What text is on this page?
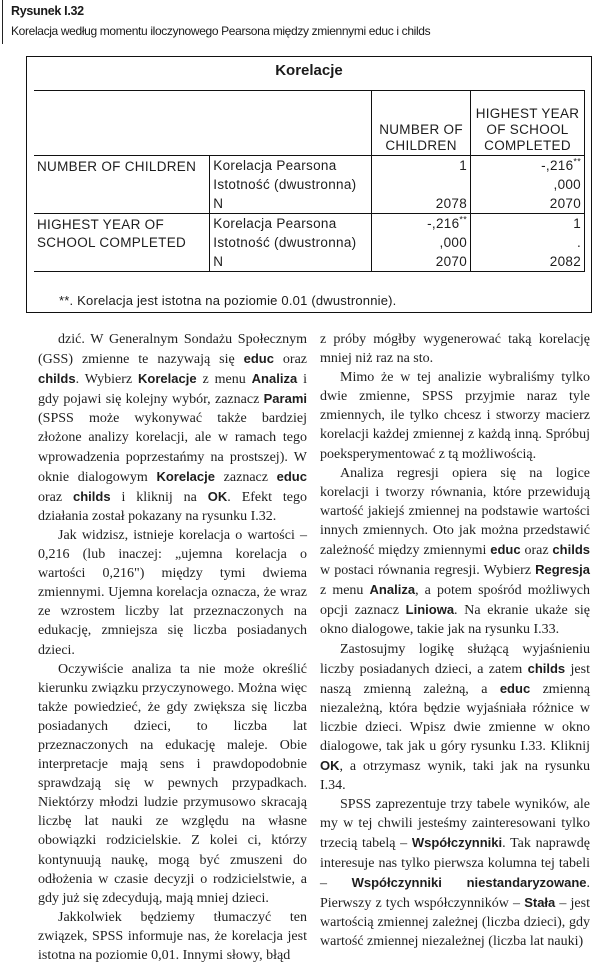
Rysunek I.32
Korelacja według momentu iloczynowego Pearsona między zmiennymi educ i childs
Korelacje
		NUMBER OF CHILDREN	HIGHEST YEAR OF SCHOOL COMPLETED
NUMBER OF CHILDREN	Korelacja Pearsona	1	-,216**
	Istotność (dwustronna)		,000
	N	2078	2070
HIGHEST YEAR OF SCHOOL COMPLETED	Korelacja Pearsona	-,216**	1
	Istotność (dwustronna)	,000	.
	N	2070	2082
**. Korelacja jest istotna na poziomie 0.01 (dwustronnie).

dzić. W Generalnym Sondażu Społecznym (GSS) zmienne te nazywają się educ oraz childs. Wybierz Korelacje z menu Analiza i gdy pojawi się kolejny wybór, zaznacz Parami (SPSS może wykonywać także bardziej złożone analizy korelacji, ale w ramach tego wprowadzenia poprzestańmy na prostszej). W oknie dialogowym Korelacje zaznacz educ oraz childs i kliknij na OK. Efekt tego działania został pokazany na rysunku I.32.

Jak widzisz, istnieje korelacja o wartości –0,216 (lub inaczej: „ujemna korelacja o wartości 0,216") między tymi dwiema zmiennymi. Ujemna korelacja oznacza, że wraz ze wzrostem liczby lat przeznaczonych na edukację, zmniejsza się liczba posiadanych dzieci.

Oczywiście analiza ta nie może określić kierunku związku przyczynowego. Można więc także powiedzieć, że gdy zwiększa się liczba posiadanych dzieci, to liczba lat przeznaczonych na edukację maleje. Obie interpretacje mają sens i prawdopodobnie sprawdzają się w pewnych przypadkach. Niektórzy młodzi ludzie przymusowo skracają liczbę lat nauki ze względu na własne obowiązki rodzicielskie. Z kolei ci, którzy kontynuują naukę, mogą być zmuszeni do odłożenia w czasie decyzji o rodzicielstwie, a gdy już się zdecydują, mają mniej dzieci.

Jakkolwiek będziemy tłumaczyć ten związek, SPSS informuje nas, że korelacja jest istotna na poziomie 0,01. Innymi słowy, błąd

z próby mógłby wygenerować taką korelację mniej niż raz na sto.

Mimo że w tej analizie wybraliśmy tylko dwie zmienne, SPSS przyjmie naraz tyle zmiennych, ile tylko chcesz i stworzy macierz korelacji każdej zmiennej z każdą inną. Spróbuj poeksperymentować z tą możliwością.

Analiza regresji opiera się na logice korelacji i tworzy równania, które przewidują wartość jakiejś zmiennej na podstawie wartości innych zmiennych. Oto jak można przedstawić zależność między zmiennymi educ oraz childs w postaci równania regresji. Wybierz Regresja z menu Analiza, a potem spośród możliwych opcji zaznacz Liniowa. Na ekranie ukaże się okno dialogowe, takie jak na rysunku I.33.

Zastosujmy logikę służącą wyjaśnieniu liczby posiadanych dzieci, a zatem childs jest naszą zmienną zależną, a educ zmienną niezależną, która będzie wyjaśniała różnice w liczbie dzieci. Wpisz dwie zmienne w okno dialogowe, tak jak u góry rysunku I.33. Kliknij OK, a otrzymasz wynik, taki jak na rysunku I.34.

SPSS zaprezentuje trzy tabele wyników, ale my w tej chwili jesteśmy zainteresowani tylko trzecią tabelą – Współczynniki. Tak naprawdę interesuje nas tylko pierwsza kolumna tej tabeli – Współczynniki niestandaryzowane. Pierwszy z tych współczynników – Stała – jest wartością zmiennej zależnej (liczba dzieci), gdy wartość zmiennej niezależnej (liczba lat nauki)
